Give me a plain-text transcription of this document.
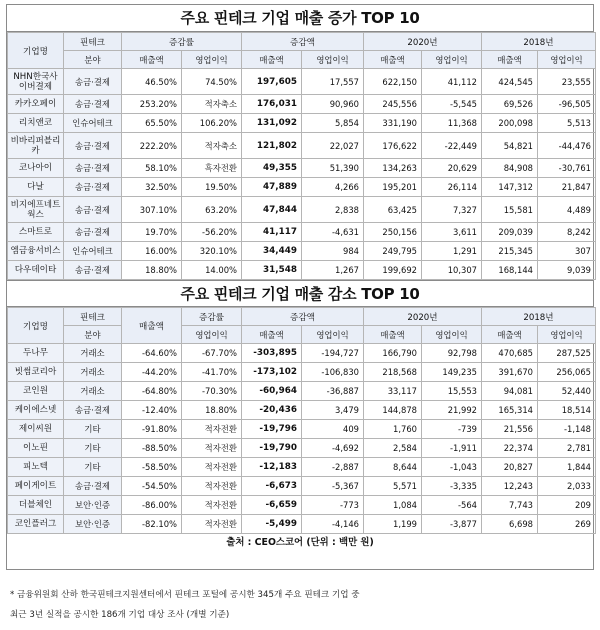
주요 핀테크 기업 매출 증가 TOP 10
기업명	핀테크	증감률		증감액		2020년		2018년	
	분야	매출액	영업이익	매출액	영업이익	매출액	영업이익	매출액	영업이익
NHN한국사이버결제	송금·결제	46.50%	74.50%	197,605	17,557	622,150	41,112	424,545	23,555
카카오페이	송금·결제	253.20%	적자축소	176,031	90,960	245,556	-5,545	69,526	-96,505
리치앤코	인슈어테크	65.50%	106.20%	131,092	5,854	331,190	11,368	200,098	5,513
비바리퍼블리카	송금·결제	222.20%	적자축소	121,802	22,027	176,622	-22,449	54,821	-44,476
코나아이	송금·결제	58.10%	흑자전환	49,355	51,390	134,263	20,629	84,908	-30,761
다날	송금·결제	32.50%	19.50%	47,889	4,266	195,201	26,114	147,312	21,847
비지에프네트웍스	송금·결제	307.10%	63.20%	47,844	2,838	63,425	7,327	15,581	4,489
스마트로	송금·결제	19.70%	-56.20%	41,117	-4,631	250,156	3,611	209,039	8,242
엠금융서비스	인슈어테크	16.00%	320.10%	34,449	984	249,795	1,291	215,345	307
다우데이타	송금·결제	18.80%	14.00%	31,548	1,267	199,692	10,307	168,144	9,039
주요 핀테크 기업 매출 감소 TOP 10
기업명	핀테크	매출액	증감률	증감액		2020년		2018년	
	분야		영업이익	매출액	영업이익	매출액	영업이익	매출액	영업이익
두나무	거래소	-64.60%	-67.70%	-303,895	-194,727	166,790	92,798	470,685	287,525
빗썸코리아	거래소	-44.20%	-41.70%	-173,102	-106,830	218,568	149,235	391,670	256,065
코인원	거래소	-64.80%	-70.30%	-60,964	-36,887	33,117	15,553	94,081	52,440
케이에스넷	송금·결제	-12.40%	18.80%	-20,436	3,479	144,878	21,992	165,314	18,514
제이씨원	기타	-91.80%	적자전환	-19,796	409	1,760	-739	21,556	-1,148
이노핀	기타	-88.50%	적자전환	-19,790	-4,692	2,584	-1,911	22,374	2,781
피노텍	기타	-58.50%	적자전환	-12,183	-2,887	8,644	-1,043	20,827	1,844
페이게이트	송금·결제	-54.50%	적자전환	-6,673	-5,367	5,571	-3,335	12,243	2,033
더블체인	보안·인증	-86.00%	적자전환	-6,659	-773	1,084	-564	7,743	209
코인플러그	보안·인증	-82.10%	적자전환	-5,499	-4,146	1,199	-3,877	6,698	269
출처 : CEO스코어 (단위 : 백만 원)
* 금융위원회 산하 한국핀테크지원센터에서 핀테크 포털에 공시한 345개 주요 핀테크 기업 중
최근 3년 실적을 공시한 186개 기업 대상 조사 (개별 기준)
